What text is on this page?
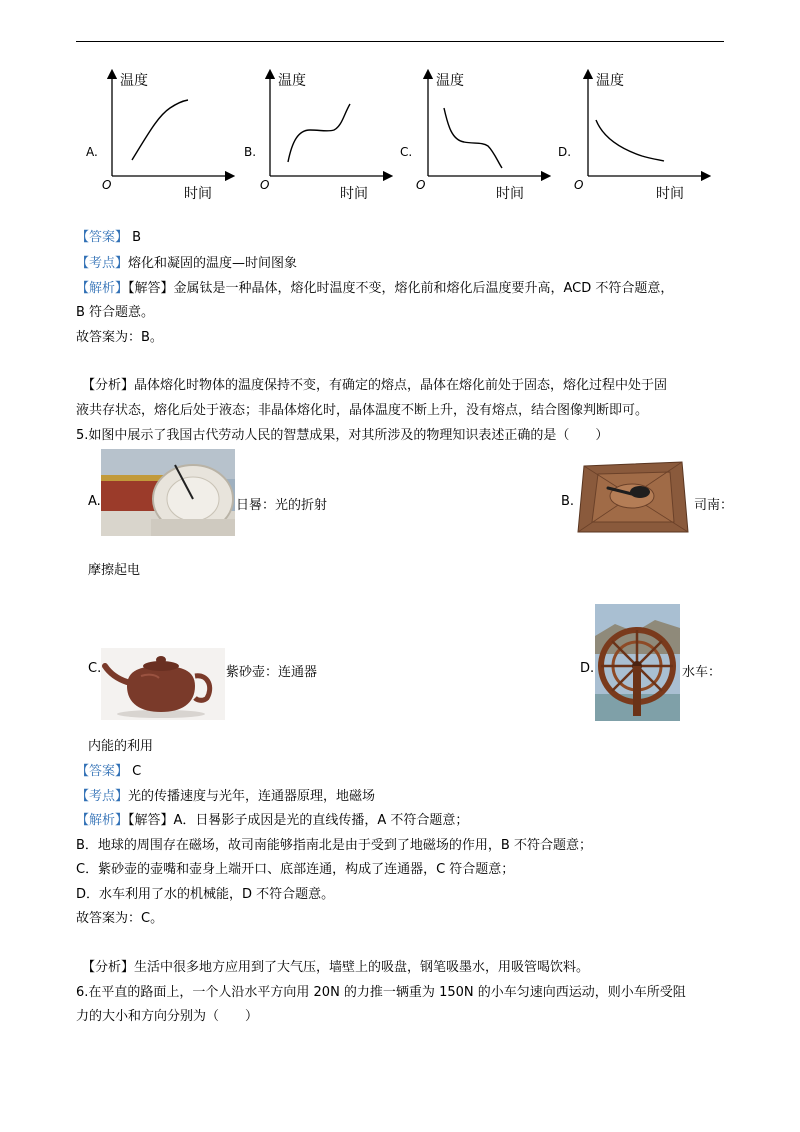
A.
温度
时间
O
B.
温度
时间
O
C.
温度
时间
O
D.
温度
时间
O
【答案】 B
【考点】熔化和凝固的温度—时间图象
【解析】【解答】金属钛是一种晶体，熔化时温度不变，熔化前和熔化后温度要升高，ACD 不符合题意，
B 符合题意。
故答案为：B。
【分析】晶体熔化时物体的温度保持不变，有确定的熔点，晶体在熔化前处于固态，熔化过程中处于固
液共存状态，熔化后处于液态；非晶体熔化时，晶体温度不断上升，没有熔点，结合图像判断即可。
5.如图中展示了我国古代劳动人民的智慧成果，对其所涉及的物理知识表述正确的是（　　）
A.	日晷：光的折射	B.	司南：
摩擦起电
C.	紫砂壶：连通器	D.	水车：
内能的利用
【答案】 C
【考点】光的传播速度与光年，连通器原理，地磁场
【解析】【解答】A．日晷影子成因是光的直线传播，A 不符合题意；
B．地球的周围存在磁场，故司南能够指南北是由于受到了地磁场的作用，B 不符合题意；
C．紫砂壶的壶嘴和壶身上端开口、底部连通，构成了连通器，C 符合题意；
D．水车利用了水的机械能，D 不符合题意。
故答案为：C。
【分析】生活中很多地方应用到了大气压，墙壁上的吸盘，钢笔吸墨水，用吸管喝饮料。
6.在平直的路面上，一个人沿水平方向用 20N 的力推一辆重为 150N 的小车匀速向西运动，则小车所受阻
力的大小和方向分别为（　　）
